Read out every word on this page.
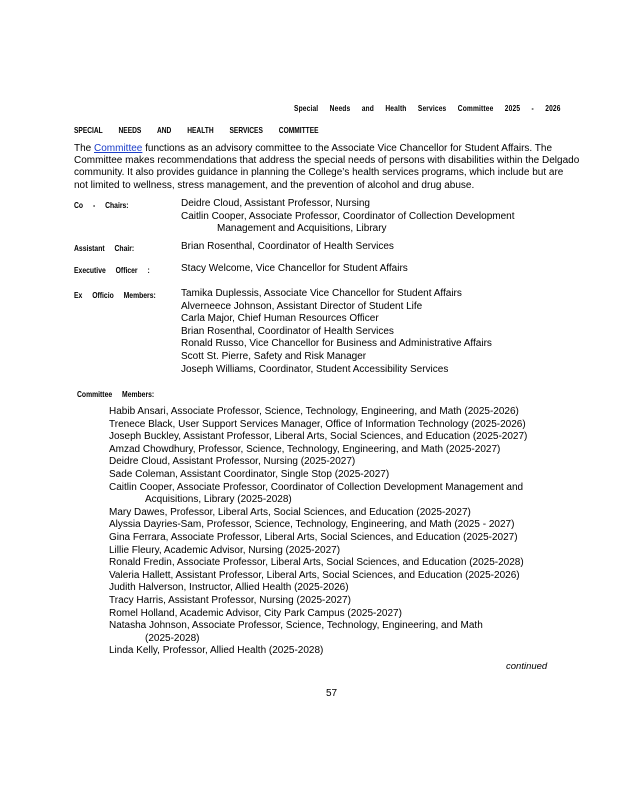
Special Needs and Health Services Committee 2025 - 2026
SPECIAL NEEDS AND HEALTH SERVICES COMMITTEE
The Committee functions as an advisory committee to the Associate Vice Chancellor for Student Affairs. The Committee makes recommendations that address the special needs of persons with disabilities within the Delgado community. It also provides guidance in planning the College’s health services programs, which include but are not limited to wellness, stress management, and the prevention of alcohol and drug abuse.
Co - Chairs:	Deidre Cloud, Assistant Professor, Nursing
Caitlin Cooper, Associate Professor, Coordinator of Collection Development
Management and Acquisitions, Library
Assistant Chair:	Brian Rosenthal, Coordinator of Health Services
Executive Officer :	Stacy Welcome, Vice Chancellor for Student Affairs
Ex Officio Members:	Tamika Duplessis, Associate Vice Chancellor for Student Affairs
Alverneece Johnson, Assistant Director of Student Life
Carla Major, Chief Human Resources Officer
Brian Rosenthal, Coordinator of Health Services
Ronald Russo, Vice Chancellor for Business and Administrative Affairs
Scott St. Pierre, Safety and Risk Manager
Joseph Williams, Coordinator, Student Accessibility Services
Committee Members:
Habib Ansari, Associate Professor, Science, Technology, Engineering, and Math (2025-2026)
Trenece Black, User Support Services Manager, Office of Information Technology (2025-2026)
Joseph Buckley, Assistant Professor, Liberal Arts, Social Sciences, and Education (2025-2027)
Amzad Chowdhury, Professor, Science, Technology, Engineering, and Math (2025-2027)
Deidre Cloud, Assistant Professor, Nursing (2025-2027)
Sade Coleman, Assistant Coordinator, Single Stop (2025-2027)
Caitlin Cooper, Associate Professor, Coordinator of Collection Development Management and
Acquisitions, Library (2025-2028)
Mary Dawes, Professor, Liberal Arts, Social Sciences, and Education (2025-2027)
Alyssia Dayries-Sam, Professor, Science, Technology, Engineering, and Math (2025 - 2027)
Gina Ferrara, Associate Professor, Liberal Arts, Social Sciences, and Education (2025-2027)
Lillie Fleury, Academic Advisor, Nursing (2025-2027)
Ronald Fredin, Associate Professor, Liberal Arts, Social Sciences, and Education (2025-2028)
Valeria Hallett, Assistant Professor, Liberal Arts, Social Sciences, and Education (2025-2026)
Judith Halverson, Instructor, Allied Health (2025-2026)
Tracy Harris, Assistant Professor, Nursing (2025-2027)
Romel Holland, Academic Advisor, City Park Campus (2025-2027)
Natasha Johnson, Associate Professor, Science, Technology, Engineering, and Math
(2025-2028)
Linda Kelly, Professor, Allied Health (2025-2028)
continued
57
